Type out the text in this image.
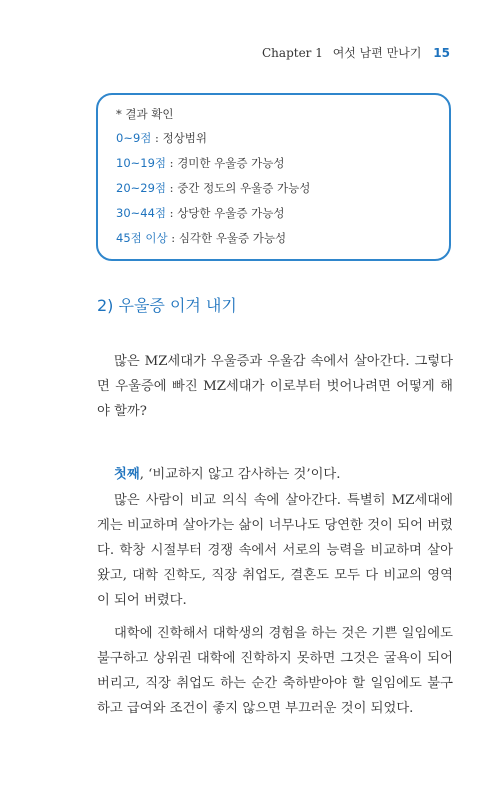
Chapter 1 여섯 남편 만나기 15
* 결과 확인
0~9점 : 정상범위
10~19점 : 경미한 우울증 가능성
20~29점 : 중간 정도의 우울증 가능성
30~44점 : 상당한 우울증 가능성
45점 이상 : 심각한 우울증 가능성
2) 우울증 이겨 내기

많은 MZ세대가 우울증과 우울감 속에서 살아간다. 그렇다면 우울증에 빠진 MZ세대가 이로부터 벗어나려면 어떻게 해야 할까?

첫째, ‘비교하지 않고 감사하는 것’이다.

많은 사람이 비교 의식 속에 살아간다. 특별히 MZ세대에게는 비교하며 살아가는 삶이 너무나도 당연한 것이 되어 버렸다. 학창 시절부터 경쟁 속에서 서로의 능력을 비교하며 살아왔고, 대학 진학도, 직장 취업도, 결혼도 모두 다 비교의 영역이 되어 버렸다.

대학에 진학해서 대학생의 경험을 하는 것은 기쁜 일임에도 불구하고 상위권 대학에 진학하지 못하면 그것은 굴욕이 되어 버리고, 직장 취업도 하는 순간 축하받아야 할 일임에도 불구하고 급여와 조건이 좋지 않으면 부끄러운 것이 되었다.
